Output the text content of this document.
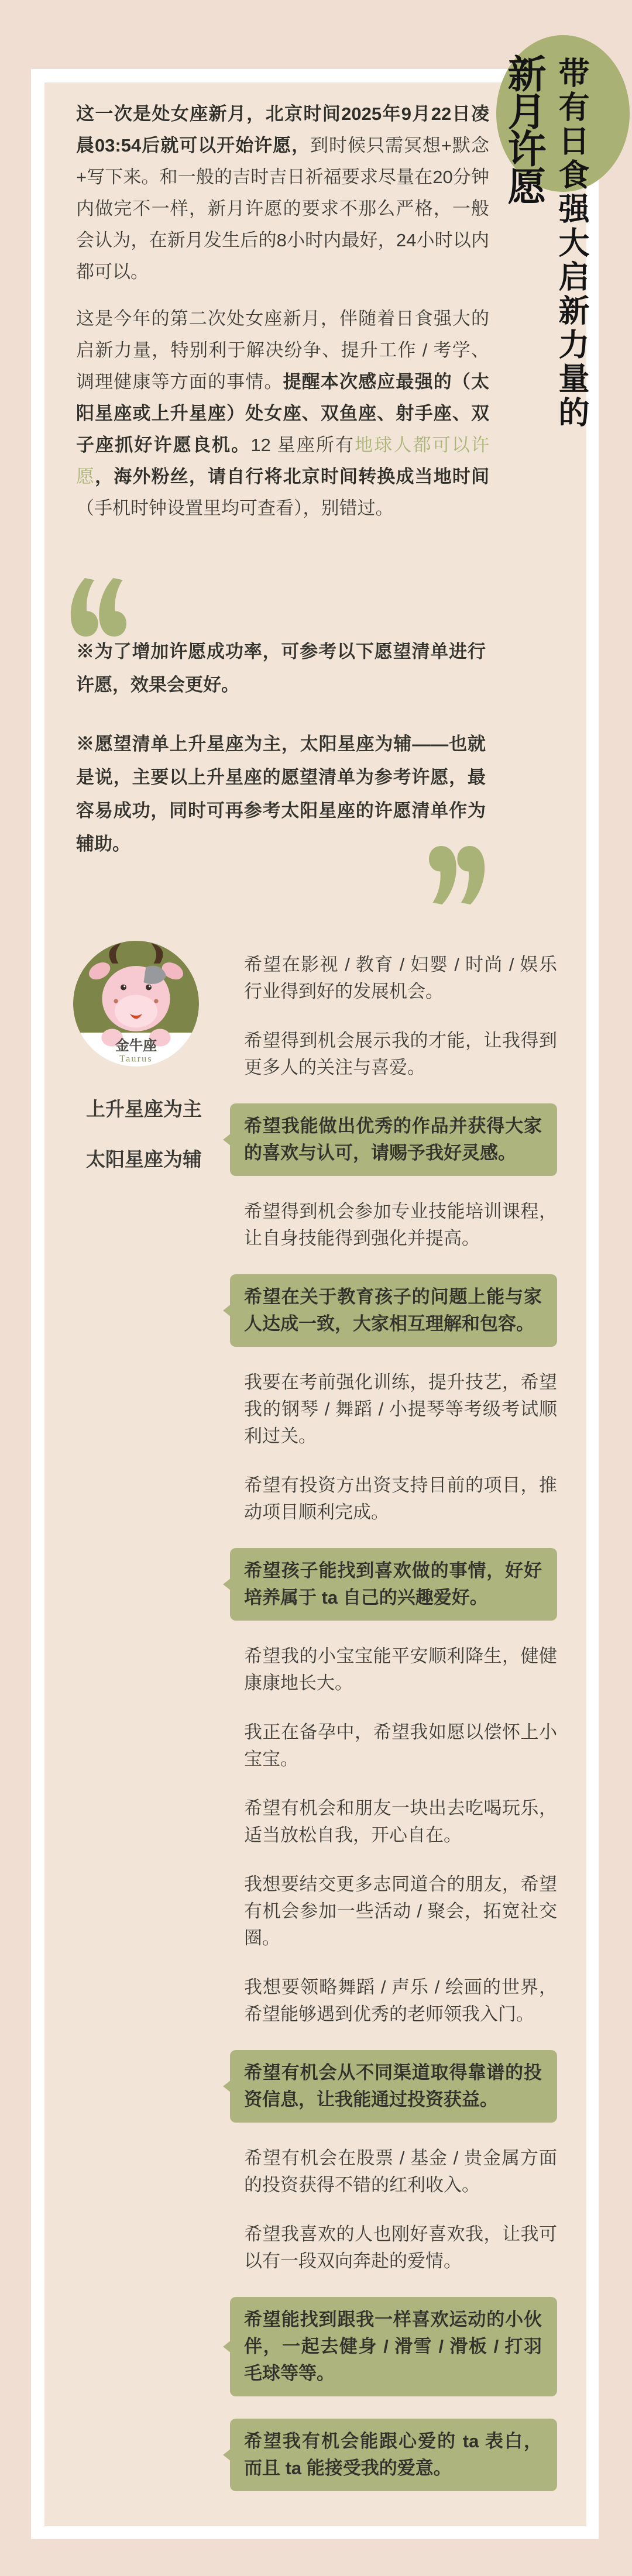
带有日食强大启新力量的
新月许愿

这一次是处女座新月，北京时间2025年9月22日凌晨03:54后就可以开始许愿，到时候只需冥想+默念+写下来。和一般的吉时吉日祈福要求尽量在20分钟内做完不一样，新月许愿的要求不那么严格，一般会认为，在新月发生后的8小时内最好，24小时以内都可以。

这是今年的第二次处女座新月，伴随着日食强大的启新力量，特别利于解决纷争、提升工作 / 考学、调理健康等方面的事情。提醒本次感应最强的（太阳星座或上升星座）处女座、双鱼座、射手座、双子座抓好许愿良机。12 星座所有地球人都可以许愿，海外粉丝，请自行将北京时间转换成当地时间（手机时钟设置里均可查看），别错过。

※为了增加许愿成功率，可参考以下愿望清单进行许愿，效果会更好。

※愿望清单上升星座为主，太阳星座为辅——也就是说，主要以上升星座的愿望清单为参考许愿，最容易成功，同时可再参考太阳星座的许愿清单作为辅助。

金牛座
Taurus
上升星座为主
太阳星座为辅
希望在影视 / 教育 / 妇婴 / 时尚 / 娱乐行业得到好的发展机会。
希望得到机会展示我的才能，让我得到更多人的关注与喜爱。
希望我能做出优秀的作品并获得大家的喜欢与认可，请赐予我好灵感。
希望得到机会参加专业技能培训课程，让自身技能得到强化并提高。
希望在关于教育孩子的问题上能与家人达成一致，大家相互理解和包容。
我要在考前强化训练，提升技艺，希望我的钢琴 / 舞蹈 / 小提琴等考级考试顺利过关。
希望有投资方出资支持目前的项目，推动项目顺利完成。
希望孩子能找到喜欢做的事情，好好培养属于 ta 自己的兴趣爱好。
希望我的小宝宝能平安顺利降生，健健康康地长大。
我正在备孕中，希望我如愿以偿怀上小宝宝。
希望有机会和朋友一块出去吃喝玩乐，适当放松自我，开心自在。
我想要结交更多志同道合的朋友，希望有机会参加一些活动 / 聚会，拓宽社交圈。
我想要领略舞蹈 / 声乐 / 绘画的世界，希望能够遇到优秀的老师领我入门。
希望有机会从不同渠道取得靠谱的投资信息，让我能通过投资获益。
希望有机会在股票 / 基金 / 贵金属方面的投资获得不错的红利收入。
希望我喜欢的人也刚好喜欢我，让我可以有一段双向奔赴的爱情。
希望能找到跟我一样喜欢运动的小伙伴，一起去健身 / 滑雪 / 滑板 / 打羽毛球等等。
希望我有机会能跟心爱的 ta 表白，而且 ta 能接受我的爱意。
